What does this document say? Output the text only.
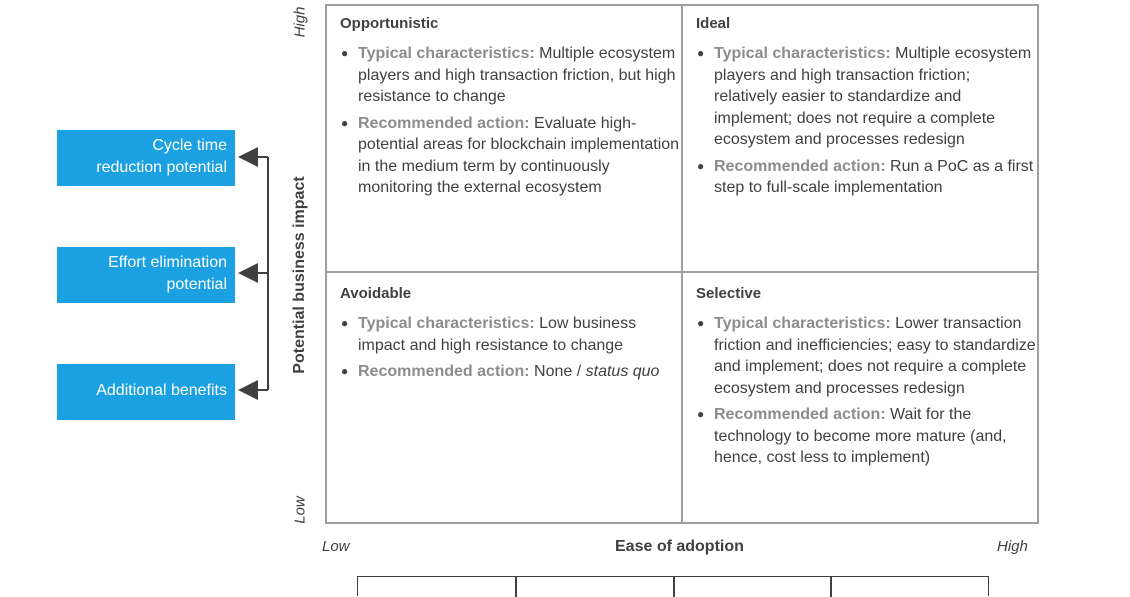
Cycle time
reduction potential
Effort elimination
potential
Additional benefits
Potential business impact
High
Low
Opportunistic
● Typical characteristics: Multiple ecosystem players and high transaction friction, but high resistance to change
● Recommended action: Evaluate high-potential areas for blockchain implementation in the medium term by continuously monitoring the external ecosystem
Ideal
● Typical characteristics: Multiple ecosystem players and high transaction friction; relatively easier to standardize and implement; does not require a complete ecosystem and processes redesign
● Recommended action: Run a PoC as a first step to full-scale implementation
Avoidable
● Typical characteristics: Low business impact and high resistance to change
● Recommended action: None / status quo
Selective
● Typical characteristics: Lower transaction friction and inefficiencies; easy to standardize and implement; does not require a complete ecosystem and processes redesign
● Recommended action: Wait for the technology to become more mature (and, hence, cost less to implement)
Low	Ease of adoption	High
